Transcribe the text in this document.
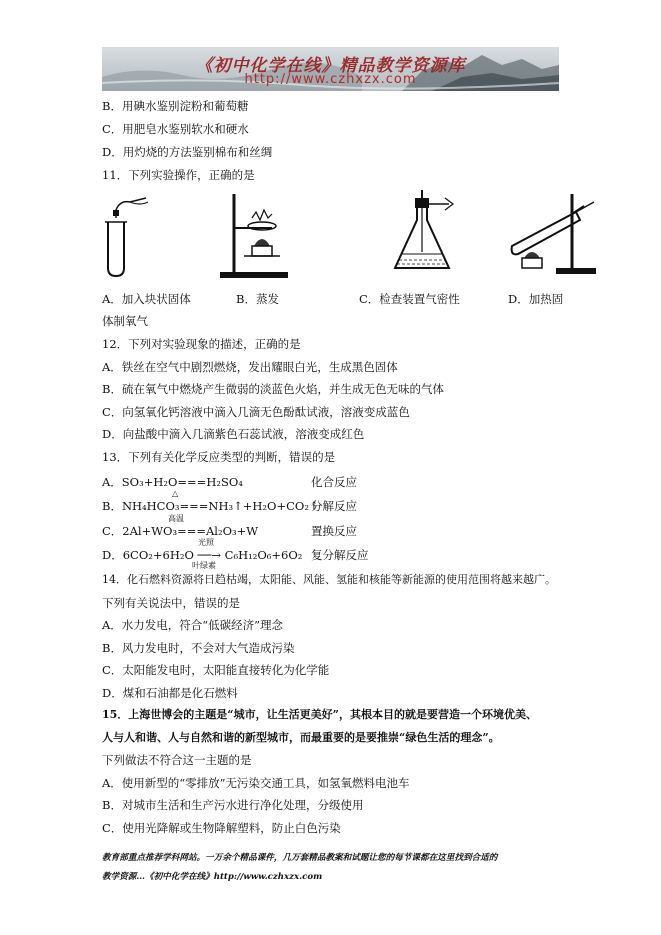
《初中化学在线》精品教学资源库
http://www.czhxzx.com
B．用碘水鉴别淀粉和葡萄糖
C．用肥皂水鉴别软水和硬水
D．用灼烧的方法鉴别棉布和丝绸
11．下列实验操作，正确的是
A．加入块状固体	B．蒸发	C．检查装置气密性	D．加热固
体制氧气
12．下列对实验现象的描述，正确的是
A．铁丝在空气中剧烈燃烧，发出耀眼白光，生成黑色固体
B．硫在氧气中燃烧产生微弱的淡蓝色火焰，并生成无色无味的气体
C．向氢氧化钙溶液中滴入几滴无色酚酞试液，溶液变成蓝色
D．向盐酸中滴入几滴紫色石蕊试液，溶液变成红色
13．下列有关化学反应类型的判断，错误的是
A．SO₃+H₂O===H₂SO₄	化合反应
△
B．NH₄HCO₃===NH₃↑+H₂O+CO₂↑
分解反应
高温
C．2Al+WO₃===Al₂O₃+W	置换反应
光照
D．6CO₂+6H₂O ──→ C₆H₁₂O₆+6O₂
叶绿素
复分解反应
14．化石燃料资源将日趋枯竭，太阳能、风能、氢能和核能等新能源的使用范围将越来越广。
下列有关说法中，错误的是
A．水力发电，符合“低碳经济”理念
B．风力发电时，不会对大气造成污染
C．太阳能发电时，太阳能直接转化为化学能
D．煤和石油都是化石燃料
15．上海世博会的主题是“城市，让生活更美好”，其根本目的就是要营造一个环境优美、
人与人和谐、人与自然和谐的新型城市，而最重要的是要推崇“绿色生活的理念”。
下列做法不符合这一主题的是
A．使用新型的“零排放”无污染交通工具，如氢氧燃料电池车
B．对城市生活和生产污水进行净化处理，分级使用
C．使用光降解或生物降解塑料，防止白色污染
教育部重点推荐学科网站。一万余个精品课件，几万套精品教案和试题让您的每节课都在这里找到合适的
教学资源…《初中化学在线》http://www.czhxzx.com
